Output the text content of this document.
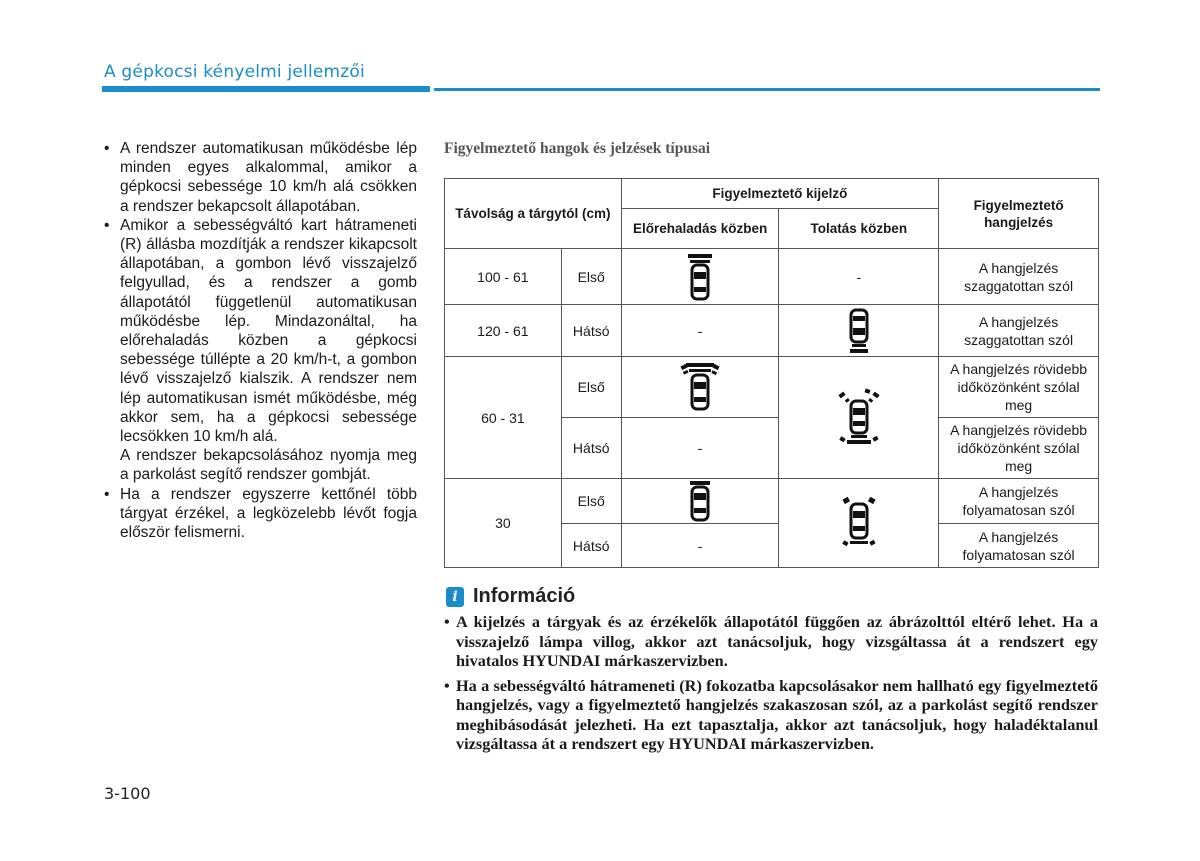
A gépkocsi kényelmi jellemzői
• A rendszer automatikusan működésbe lép minden egyes alkalommal, amikor a gépkocsi sebessége 10 km/h alá csökken a rendszer bekapcsolt állapotában.
• Amikor a sebességváltó kart hátrameneti (R) állásba mozdítják a rendszer kikapcsolt állapotában, a gombon lévő visszajelző felgyullad, és a rendszer a gomb állapotától függetlenül automatikusan működésbe lép. Mindazonáltal, ha előrehaladás közben a gépkocsi sebessége túllépte a 20 km/h-t, a gombon lévő visszajelző kialszik. A rendszer nem lép automatikusan ismét működésbe, még akkor sem, ha a gépkocsi sebessége lecsökken 10 km/h alá.
A rendszer bekapcsolásához nyomja meg a parkolást segítő rendszer gombját.
• Ha a rendszer egyszerre kettőnél több tárgyat érzékel, a legközelebb lévőt fogja először felismerni.
Figyelmeztető hangok és jelzések típusai
Távolság a tárgytól (cm)		Figyelmeztető kijelző		Figyelmeztető hangjelzés
		Előrehaladás közben	Tolatás közben	
100 - 61	Első		-	A hangjelzés szaggatottan szól
120 - 61	Hátsó	-		A hangjelzés szaggatottan szól
60 - 31	Első			A hangjelzés rövidebb időközönként szólal meg
	Hátsó	-		A hangjelzés rövidebb időközönként szólal meg
30	Első			A hangjelzés folyamatosan szól
	Hátsó	-		A hangjelzés folyamatosan szól
i Információ
• A kijelzés a tárgyak és az érzékelők állapotától függően az ábrázolttól eltérő lehet. Ha a visszajelző lámpa villog, akkor azt tanácsoljuk, hogy vizsgáltassa át a rendszert egy hivatalos HYUNDAI márkaszervizben.
• Ha a sebességváltó hátrameneti (R) fokozatba kapcsolásakor nem hallható egy figyelmeztető hangjelzés, vagy a figyelmeztető hangjelzés szakaszosan szól, az a parkolást segítő rendszer meghibásodását jelezheti. Ha ezt tapasztalja, akkor azt tanácsoljuk, hogy haladéktalanul vizsgáltassa át a rendszert egy HYUNDAI márkaszervizben.
3-100
